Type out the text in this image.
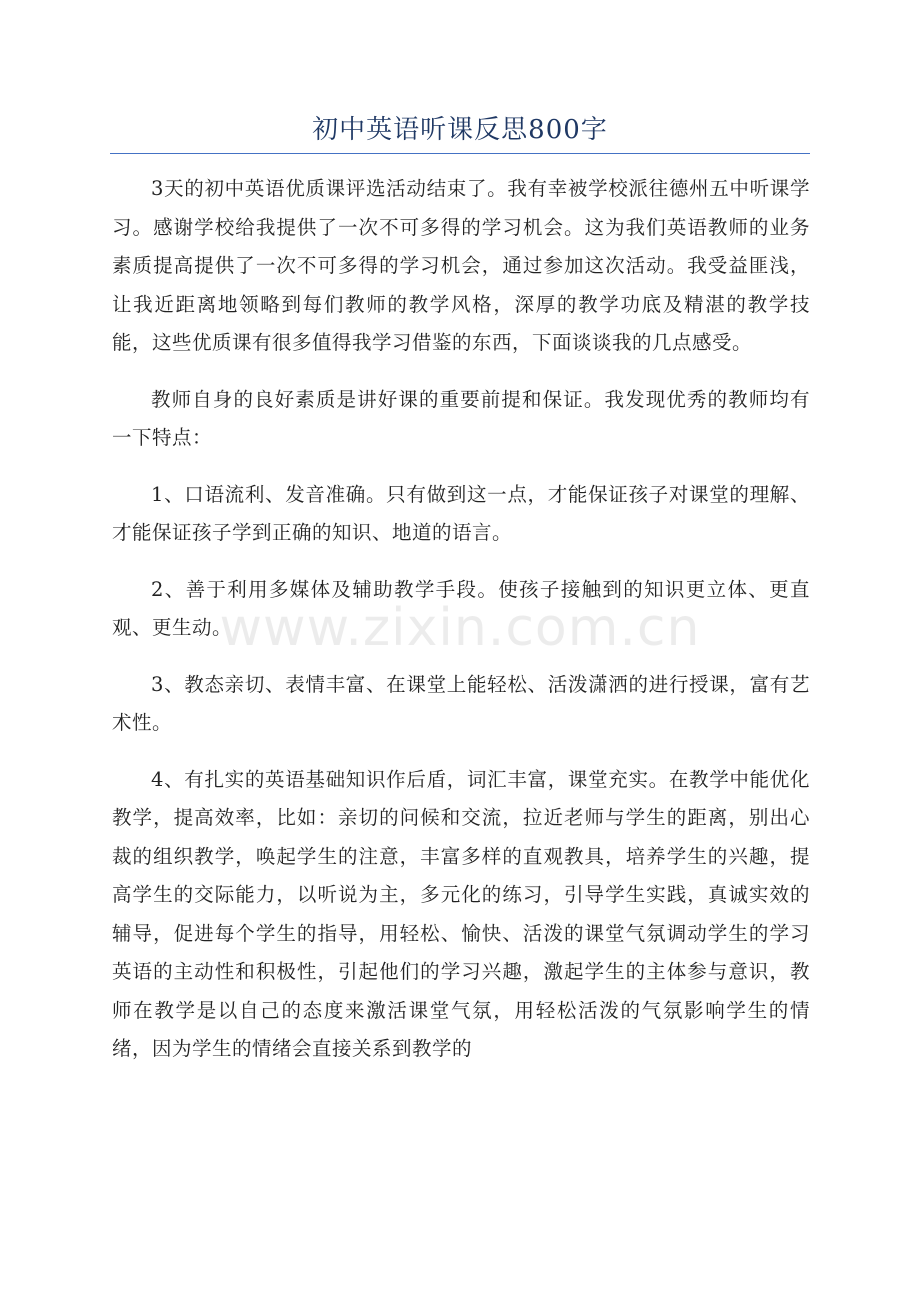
初中英语听课反思800字

3天的初中英语优质课评选活动结束了。我有幸被学校派往德州五中听课学习。感谢学校给我提供了一次不可多得的学习机会。这为我们英语教师的业务素质提高提供了一次不可多得的学习机会，通过参加这次活动。我受益匪浅，让我近距离地领略到每们教师的教学风格，深厚的教学功底及精湛的教学技能，这些优质课有很多值得我学习借鉴的东西，下面谈谈我的几点感受。

教师自身的良好素质是讲好课的重要前提和保证。我发现优秀的教师均有一下特点：

1、口语流利、发音准确。只有做到这一点，才能保证孩子对课堂的理解、才能保证孩子学到正确的知识、地道的语言。

2、善于利用多媒体及辅助教学手段。使孩子接触到的知识更立体、更直观、更生动。

3、教态亲切、表情丰富、在课堂上能轻松、活泼潇洒的进行授课，富有艺术性。

4、有扎实的英语基础知识作后盾，词汇丰富，课堂充实。在教学中能优化教学，提高效率，比如：亲切的问候和交流，拉近老师与学生的距离，别出心裁的组织教学，唤起学生的注意，丰富多样的直观教具，培养学生的兴趣，提高学生的交际能力，以听说为主，多元化的练习，引导学生实践，真诚实效的辅导，促进每个学生的指导，用轻松、愉快、活泼的课堂气氛调动学生的学习英语的主动性和积极性，引起他们的学习兴趣，激起学生的主体参与意识，教师在教学是以自己的态度来激活课堂气氛，用轻松活泼的气氛影响学生的情绪，因为学生的情绪会直接关系到教学的

www.zixin.com.cn
